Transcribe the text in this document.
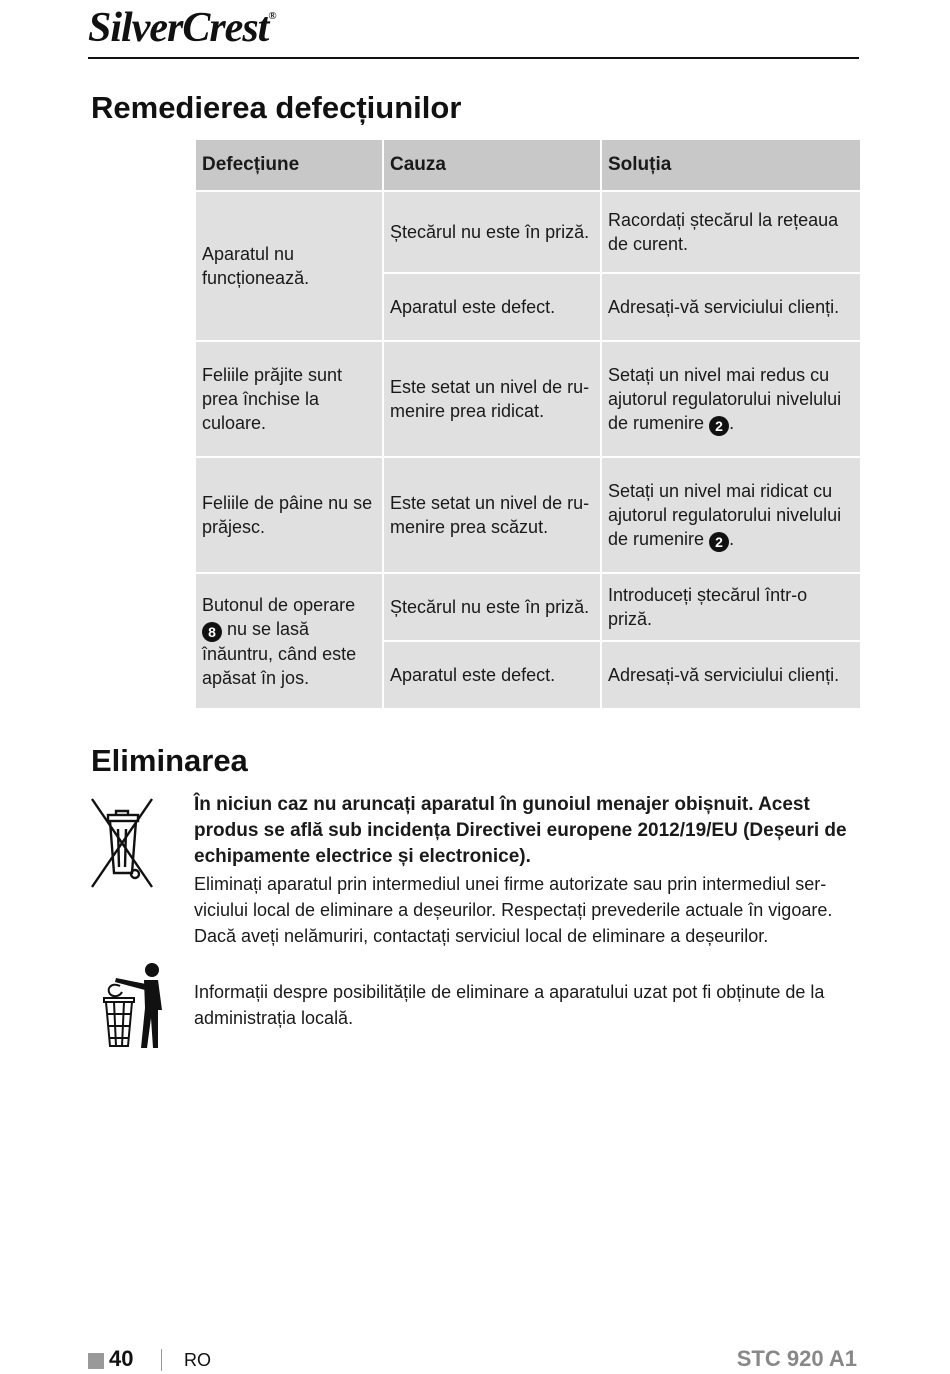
SilverCrest®
Remedierea defecțiunilor
Defecțiune	Cauza	Soluția
Aparatul nu funcționează.	Ștecărul nu este în priză.	Racordați ștecărul la rețeaua de curent.
	Aparatul este defect.	Adresați-vă serviciului clienți.
Feliile prăjite sunt prea închise la culoare.	Este setat un nivel de ru-menire prea ridicat.	Setați un nivel mai redus cu ajutorul regulatorului nivelului de rumenire 2 .
Feliile de pâine nu se prăjesc.	Este setat un nivel de ru-menire prea scăzut.	Setați un nivel mai ridicat cu ajutorul regulatorului nivelului de rumenire 2 .
Butonul de operare 8 nu se lasă înăuntru, când este apăsat în jos.	Ștecărul nu este în priză.	Introduceți ștecărul într-o priză.
	Aparatul este defect.	Adresați-vă serviciului clienți.
Eliminarea
În niciun caz nu aruncați aparatul în gunoiul menajer obișnuit. Acest produs se află sub incidența Directivei europene 2012/19/EU (Deșeuri de echipamente electrice și electronice).
Eliminați aparatul prin intermediul unei firme autorizate sau prin intermediul ser-viciului local de eliminare a deșeurilor. Respectați prevederile actuale în vigoare. Dacă aveți nelămuriri, contactați serviciul local de eliminare a deșeurilor.
Informații despre posibilitățile de eliminare a aparatului uzat pot fi obținute de la administrația locală.
40	RO	STC 920 A1
